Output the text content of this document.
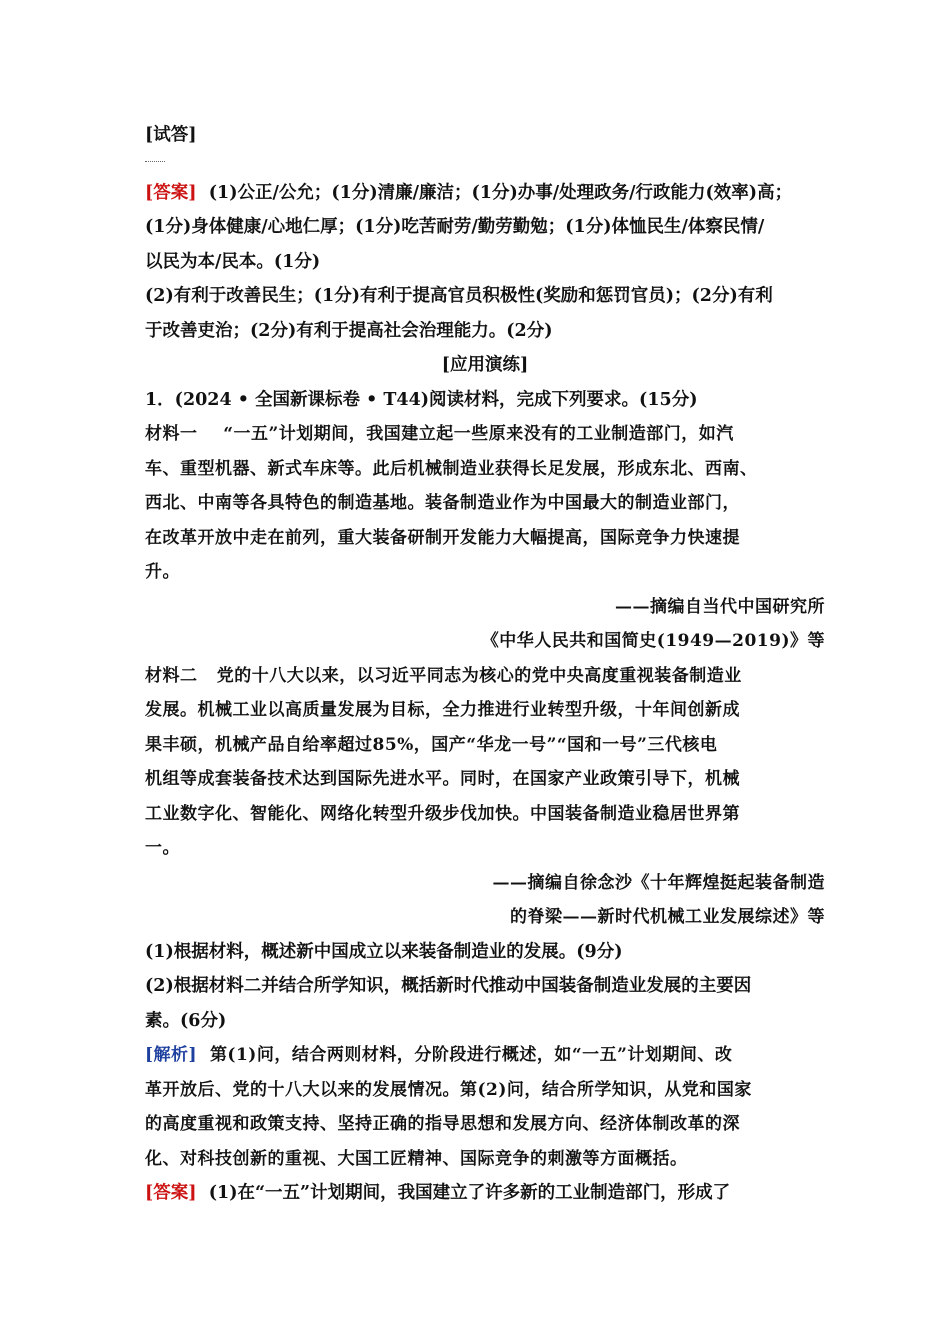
[试答]
[答案] (1)公正/公允；(1分)清廉/廉洁；(1分)办事/处理政务/行政能力(效率)高；
(1分)身体健康/心地仁厚；(1分)吃苦耐劳/勤劳勤勉；(1分)体恤民生/体察民情/
以民为本/民本。(1分)
(2)有利于改善民生；(1分)有利于提高官员积极性(奖励和惩罚官员)；(2分)有利
于改善吏治；(2分)有利于提高社会治理能力。(2分)
[应用演练]
1．(2024 • 全国新课标卷 • T44)阅读材料，完成下列要求。(15分)
材料一 “一五”计划期间，我国建立起一些原来没有的工业制造部门，如汽
车、重型机器、新式车床等。此后机械制造业获得长足发展，形成东北、西南、
西北、中南等各具特色的制造基地。装备制造业作为中国最大的制造业部门，
在改革开放中走在前列，重大装备研制开发能力大幅提高，国际竞争力快速提
升。
——摘编自当代中国研究所
《中华人民共和国简史(1949—2019)》等
材料二 党的十八大以来，以习近平同志为核心的党中央高度重视装备制造业
发展。机械工业以高质量发展为目标，全力推进行业转型升级，十年间创新成
果丰硕，机械产品自给率超过85%，国产“华龙一号”“国和一号”三代核电
机组等成套装备技术达到国际先进水平。同时，在国家产业政策引导下，机械
工业数字化、智能化、网络化转型升级步伐加快。中国装备制造业稳居世界第
一。
——摘编自徐念沙《十年辉煌挺起装备制造
的脊梁——新时代机械工业发展综述》等
(1)根据材料，概述新中国成立以来装备制造业的发展。(9分)
(2)根据材料二并结合所学知识，概括新时代推动中国装备制造业发展的主要因
素。(6分)
[解析] 第(1)问，结合两则材料，分阶段进行概述，如“一五”计划期间、改
革开放后、党的十八大以来的发展情况。第(2)问，结合所学知识，从党和国家
的高度重视和政策支持、坚持正确的指导思想和发展方向、经济体制改革的深
化、对科技创新的重视、大国工匠精神、国际竞争的刺激等方面概括。
[答案] (1)在“一五”计划期间，我国建立了许多新的工业制造部门，形成了
